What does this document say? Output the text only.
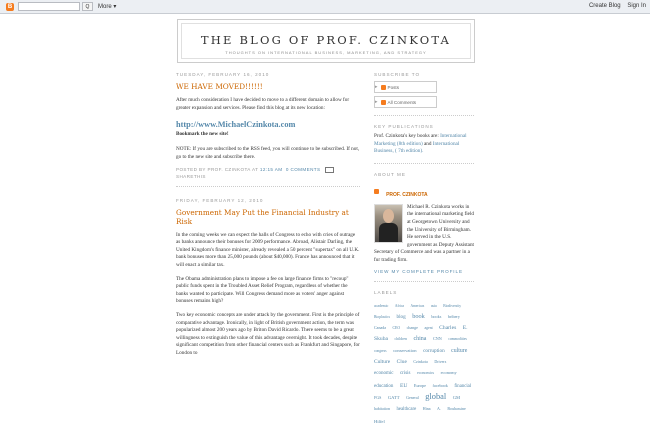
B	Q More ▾	Create Blog Sign In
THE BLOG OF PROF. CZINKOTA
THOUGHTS ON INTERNATIONAL BUSINESS, MARKETING, AND STRATEGY
TUESDAY, FEBRUARY 16, 2010
WE HAVE MOVED!!!!!!

After much consideration I have decided to move to a different domain to allow for greater expansion and services. Please find this blog at its new location:

http://www.MichaelCzinkota.com

Bookmark the new site!

NOTE: If you are subscribed to the RSS feed, you will continue to be subscribed. If not, go to the new site and subscribe there.

POSTED BY PROF. CZINKOTA AT 12:15 AM 0 COMMENTS
SHARETHIS
FRIDAY, FEBRUARY 12, 2010
Government May Put the Financial Industry at Risk

In the coming weeks we can expect the halls of Congress to echo with cries of outrage as banks announce their bonuses for 2009 performance. Abroad, Alistair Darling, the United Kingdom's finance minister, already revealed a 50 percent "supertax" on all U.K. bank bonuses more than 25,000 pounds (about $40,000). France has announced that it will enact a similar tax.

The Obama administration plans to impose a fee on large finance firms to "recoup" public funds spent in the Troubled Asset Relief Program, regardless of whether the banks wanted to participate. Will Congress demand more as voters' anger against bonuses remains high?

Two key economic concepts are under attack by the government. First is the principle of comparative advantage. Ironically, in light of British government action, the term was popularized almost 200 years ago by Briton David Ricardo. There seems to be a great willingness to extinguish the value of this advantage overnight. It took decades, despite significant competition from other financial centers such as Frankfurt and Singapore, for London to

SUBSCRIBE TO
▸ Posts
▸ All Comments
KEY PUBLICATIONS

Prof. Czinkota's key books are: International Marketing (8th edition) and International Business, ( 7th edition).

ABOUT ME
PROF. CZINKOTA

Michael R. Czinkota works in the international marketing field at Georgetown University and the University of Birmingham. He served in the U.S. government as Deputy Assistant Secretary of Commerce and was a partner in a fur trading firm.

VIEW MY COMPLETE PROFILE
LABELS
academic Africa Americas asia Biodiversity Bioplastics blog book books bribery Canada CEO change agent Charles E. Skuba children china CNN commodities congress conservation corruption culture Culture Clue Czinkota Drivers economic crisis economics economy education EU Europe facebook financial FGS GATT General global GM habitation healthcare Hina A. Bouhassine Hilfel
